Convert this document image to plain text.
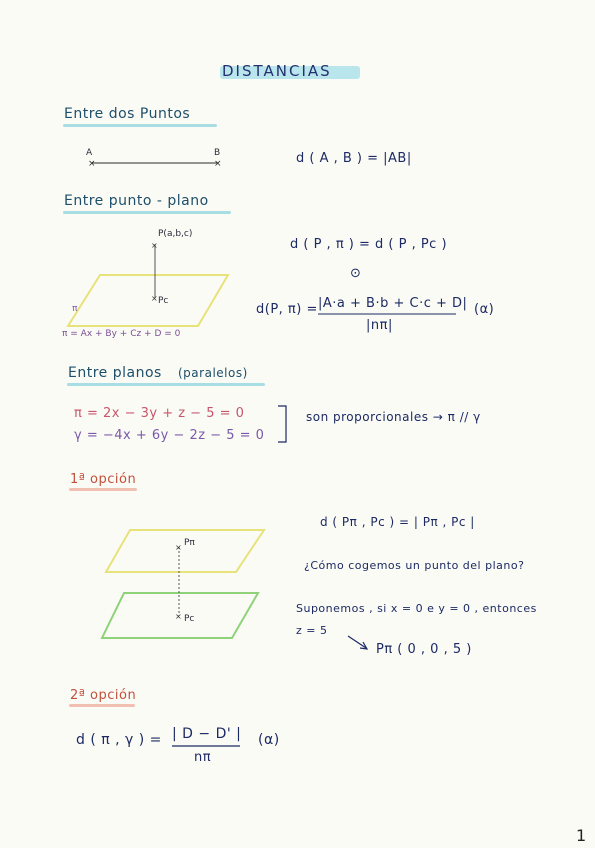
DISTANCIAS
Entre dos Puntos
×	×
×
×
×
×
A	B	d ( A , B ) = |AB|
Entre punto - plano
P(a,b,c)
Pc
π
π = Ax + By + Cz + D = 0
d ( P , π ) = d ( P , Pc )
⊙
d(P, π) = |A·a + B·b + C·c + D|
|nπ|
(α)
Entre planos (paralelos)
π = 2x − 3y + z − 5 = 0
γ = −4x + 6y − 2z − 5 = 0
son proporcionales → π // γ
1ª opción
Pπ
Pc
d ( Pπ , Pc ) = | Pπ , Pc |
¿Cómo cogemos un punto del plano?
Suponemos , si x = 0 e y = 0 , entonces
z = 5
Pπ ( 0 , 0 , 5 )
2ª opción
d ( π , γ ) = | D − D' |
nπ
(α)
1
